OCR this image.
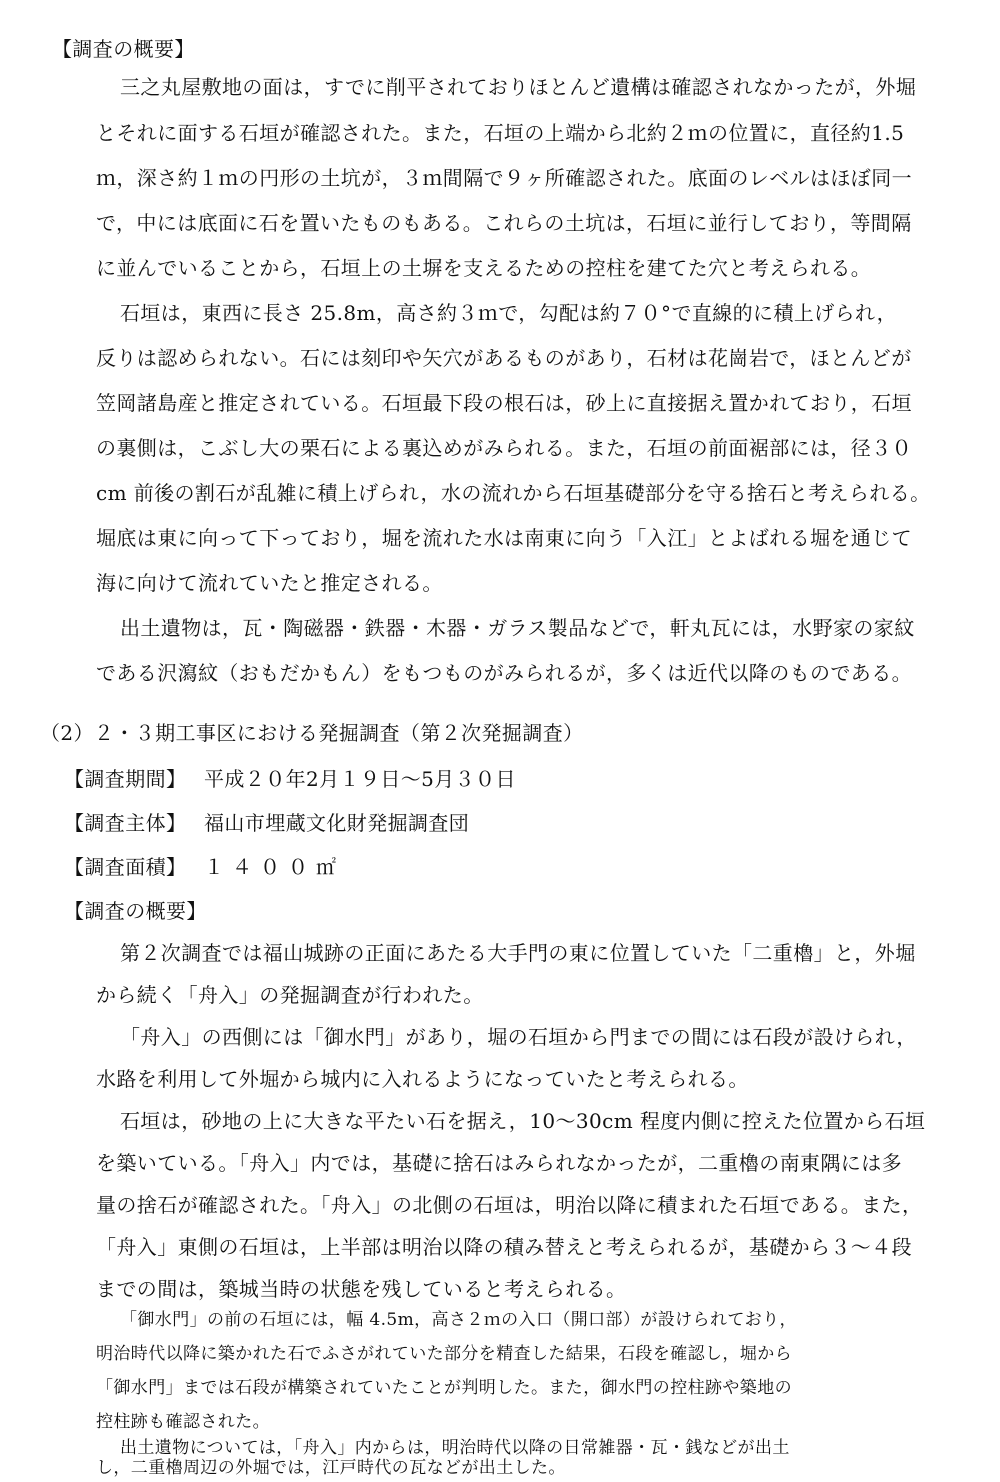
【調査の概要】
三之丸屋敷地の面は，すでに削平されておりほとんど遺構は確認されなかったが，外堀
とそれに面する石垣が確認された。また，石垣の上端から北約２ｍの位置に，直径約1.5
ｍ，深さ約１ｍの円形の土坑が，３ｍ間隔で９ヶ所確認された。底面のレベルはほぼ同一
で，中には底面に石を置いたものもある。これらの土坑は，石垣に並行しており，等間隔
に並んでいることから，石垣上の土塀を支えるための控柱を建てた穴と考えられる。
石垣は，東西に長さ 25.8m，高さ約３ｍで，勾配は約７０°で直線的に積上げられ，
反りは認められない。石には刻印や矢穴があるものがあり，石材は花崗岩で，ほとんどが
笠岡諸島産と推定されている。石垣最下段の根石は，砂上に直接据え置かれており，石垣
の裏側は，こぶし大の栗石による裏込めがみられる。また，石垣の前面裾部には，径３０
cm 前後の割石が乱雑に積上げられ，水の流れから石垣基礎部分を守る捨石と考えられる。
堀底は東に向って下っており，堀を流れた水は南東に向う「入江」とよばれる堀を通じて
海に向けて流れていたと推定される。
出土遺物は，瓦・陶磁器・鉄器・木器・ガラス製品などで，軒丸瓦には，水野家の家紋
である沢瀉紋（おもだかもん）をもつものがみられるが，多くは近代以降のものである。
（2）２・３期工事区における発掘調査（第２次発掘調査）
【調査期間】 平成２０年2月１９日～5月３０日
【調査主体】 福山市埋蔵文化財発掘調査団
【調査面積】 １４００㎡
【調査の概要】
第２次調査では福山城跡の正面にあたる大手門の東に位置していた「二重櫓」と，外堀
から続く「舟入」の発掘調査が行われた。
「舟入」の西側には「御水門」があり，堀の石垣から門までの間には石段が設けられ，
水路を利用して外堀から城内に入れるようになっていたと考えられる。
石垣は，砂地の上に大きな平たい石を据え，10～30cm 程度内側に控えた位置から石垣
を築いている。「舟入」内では，基礎に捨石はみられなかったが，二重櫓の南東隅には多
量の捨石が確認された。「舟入」の北側の石垣は，明治以降に積まれた石垣である。また，
「舟入」東側の石垣は，上半部は明治以降の積み替えと考えられるが，基礎から３～４段
までの間は，築城当時の状態を残していると考えられる。
「御水門」の前の石垣には，幅 4.5m，高さ２ｍの入口（開口部）が設けられており，
明治時代以降に築かれた石でふさがれていた部分を精査した結果，石段を確認し，堀から
「御水門」までは石段が構築されていたことが判明した。また，御水門の控柱跡や築地の
控柱跡も確認された。
出土遺物については，「舟入」内からは，明治時代以降の日常雑器・瓦・銭などが出土
し，二重櫓周辺の外堀では，江戸時代の瓦などが出土した。
